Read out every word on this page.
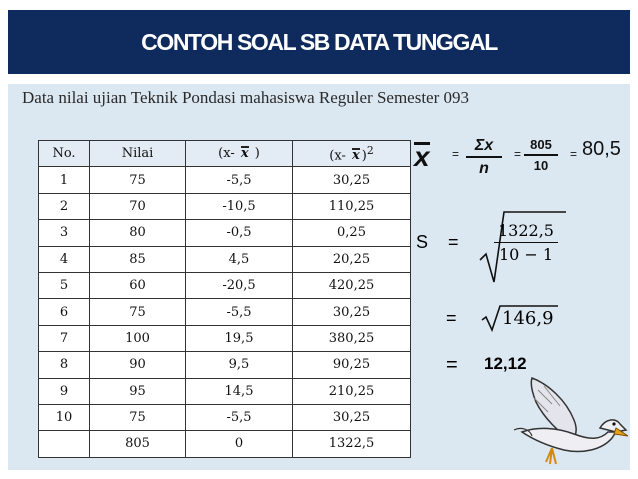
CONTOH SOAL SB DATA TUNGGAL
Data nilai ujian Teknik Pondasi mahasiswa Reguler Semester 093
No.	Nilai	(x- x )	(x- x )$^2$
1	75	-5,5	30,25
2	70	-10,5	110,25
3	80	-0,5	0,25
4	85	4,5	20,25
5	60	-20,5	420,25
6	75	-5,5	30,25
7	100	19,5	380,25
8	90	9,5	90,25
9	95	14,5	210,25
10	75	-5,5	30,25
	805	0	1322,5
$x = \frac{\Sigma x}{n} = \frac{805}{10} = 80,5$
$S = \frac{1322,5}{10 - 1}$
=	146,9
= 12,12
